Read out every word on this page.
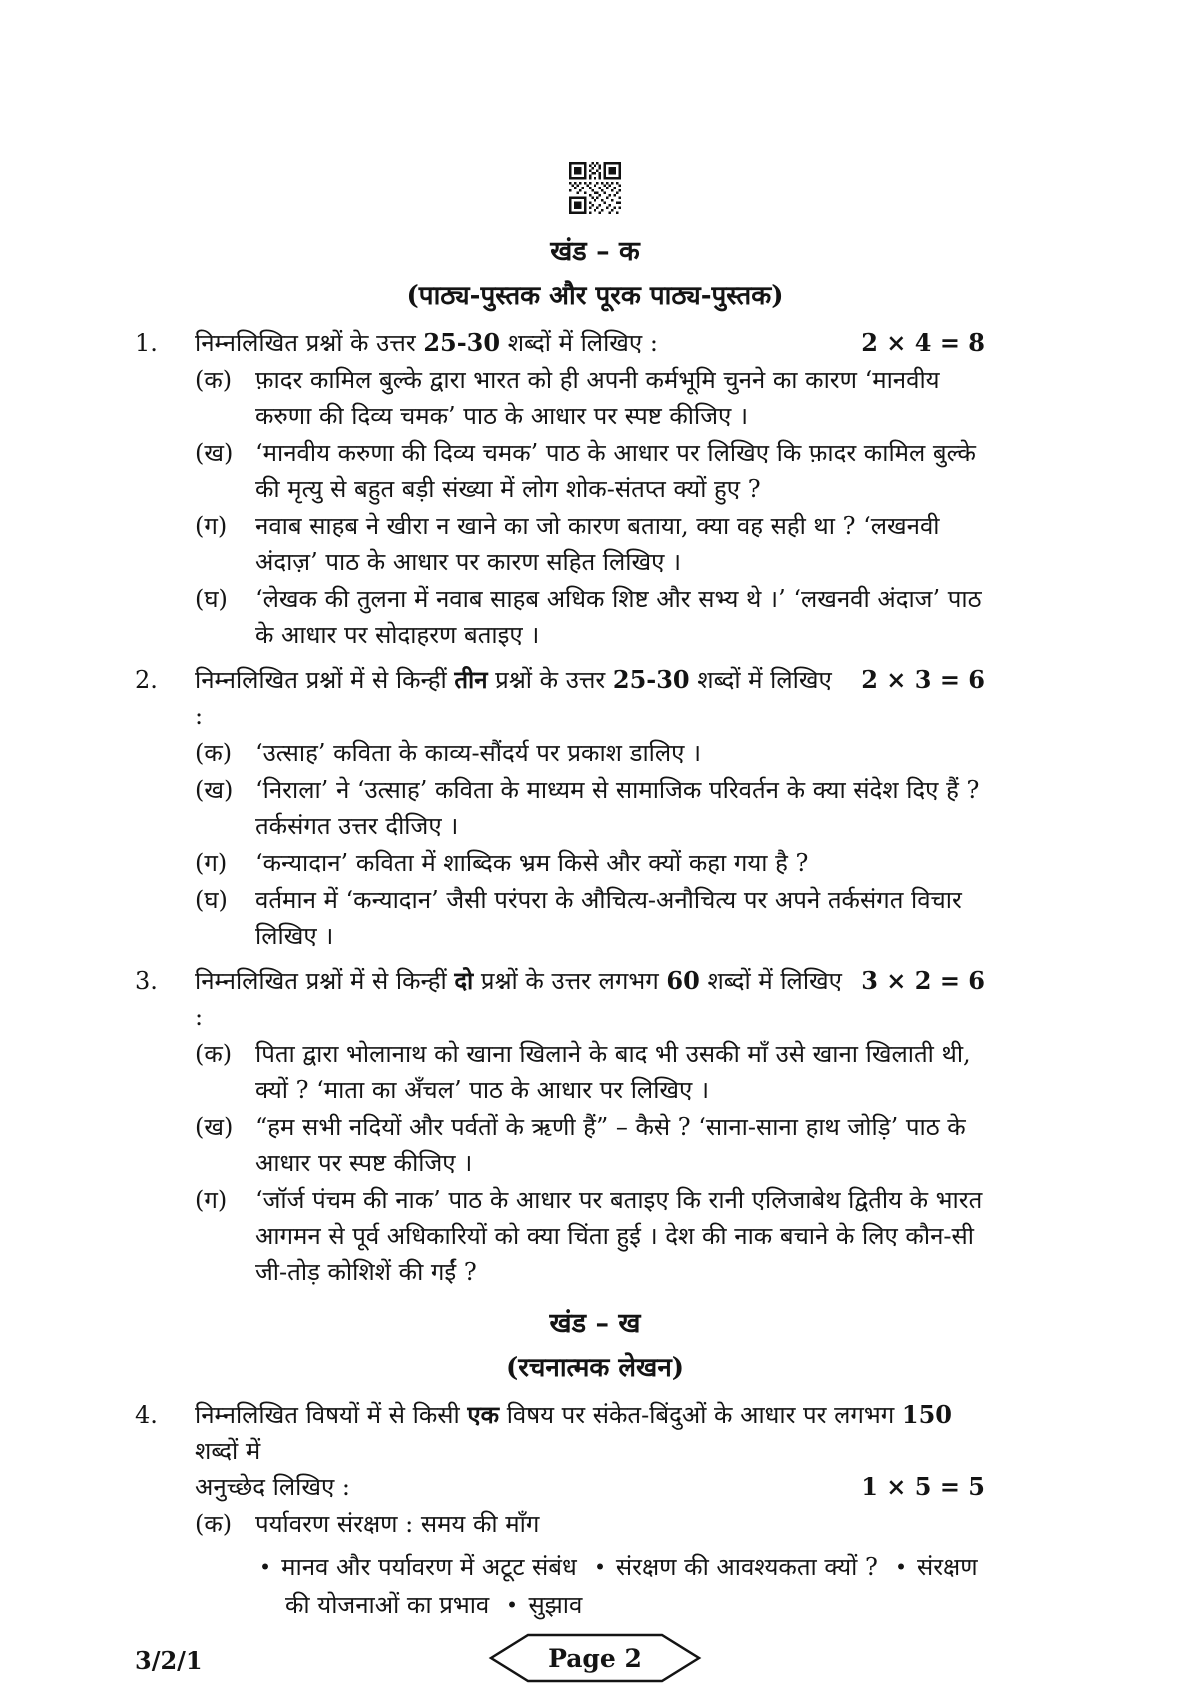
खंड – क
(पाठ्य-पुस्तक और पूरक पाठ्य-पुस्तक)
1.	निम्नलिखित प्रश्नों के उत्तर 25-30 शब्दों में लिखिए :	2 × 4 = 8
(क) फ़ादर कामिल बुल्के द्वारा भारत को ही अपनी कर्मभूमि चुनने का कारण ‘मानवीय करुणा की दिव्य चमक’ पाठ के आधार पर स्पष्ट कीजिए ।
(ख) ‘मानवीय करुणा की दिव्य चमक’ पाठ के आधार पर लिखिए कि फ़ादर कामिल बुल्के की मृत्यु से बहुत बड़ी संख्या में लोग शोक-संतप्त क्यों हुए ?
(ग)	नवाब साहब ने खीरा न खाने का जो कारण बताया, क्या वह सही था ? ‘लखनवी अंदाज़’ पाठ के आधार पर कारण सहित लिखिए ।
(घ)	‘लेखक की तुलना में नवाब साहब अधिक शिष्ट और सभ्य थे ।’ ‘लखनवी अंदाज’ पाठ के आधार पर सोदाहरण बताइए ।
2.	निम्नलिखित प्रश्नों में से किन्हीं तीन प्रश्नों के उत्तर 25-30 शब्दों में लिखिए :
2 × 3 = 6
(क) ‘उत्साह’ कविता के काव्य-सौंदर्य पर प्रकाश डालिए ।
(ख) ‘निराला’ ने ‘उत्साह’ कविता के माध्यम से सामाजिक परिवर्तन के क्या संदेश दिए हैं ? तर्कसंगत उत्तर दीजिए ।
(ग)	‘कन्यादान’ कविता में शाब्दिक भ्रम किसे और क्यों कहा गया है ?
(घ)	वर्तमान में ‘कन्यादान’ जैसी परंपरा के औचित्य-अनौचित्य पर अपने तर्कसंगत विचार लिखिए ।
3.	निम्नलिखित प्रश्नों में से किन्हीं दो प्रश्नों के उत्तर लगभग 60 शब्दों में लिखिए :
3 × 2 = 6
(क) पिता द्वारा भोलानाथ को खाना खिलाने के बाद भी उसकी माँ उसे खाना खिलाती थी, क्यों ? ‘माता का अँचल’ पाठ के आधार पर लिखिए ।
(ख) “हम सभी नदियों और पर्वतों के ऋणी हैं” – कैसे ? ‘साना-साना हाथ जोड़ि’ पाठ के आधार पर स्पष्ट कीजिए ।
(ग)	‘जॉर्ज पंचम की नाक’ पाठ के आधार पर बताइए कि रानी एलिजाबेथ द्वितीय के भारत आगमन से पूर्व अधिकारियों को क्या चिंता हुई । देश की नाक बचाने के लिए कौन-सी जी-तोड़ कोशिशें की गईं ?
खंड – ख
(रचनात्मक लेखन)
4.	निम्नलिखित विषयों में से किसी एक विषय पर संकेत-बिंदुओं के आधार पर लगभग 150 शब्दों में
अनुच्छेद लिखिए :	1 × 5 = 5
(क) पर्यावरण संरक्षण : समय की माँग
• मानव और पर्यावरण में अटूट संबंध • संरक्षण की आवश्यकता क्यों ? • संरक्षण की योजनाओं का प्रभाव • सुझाव
3/2/1	Page 2
